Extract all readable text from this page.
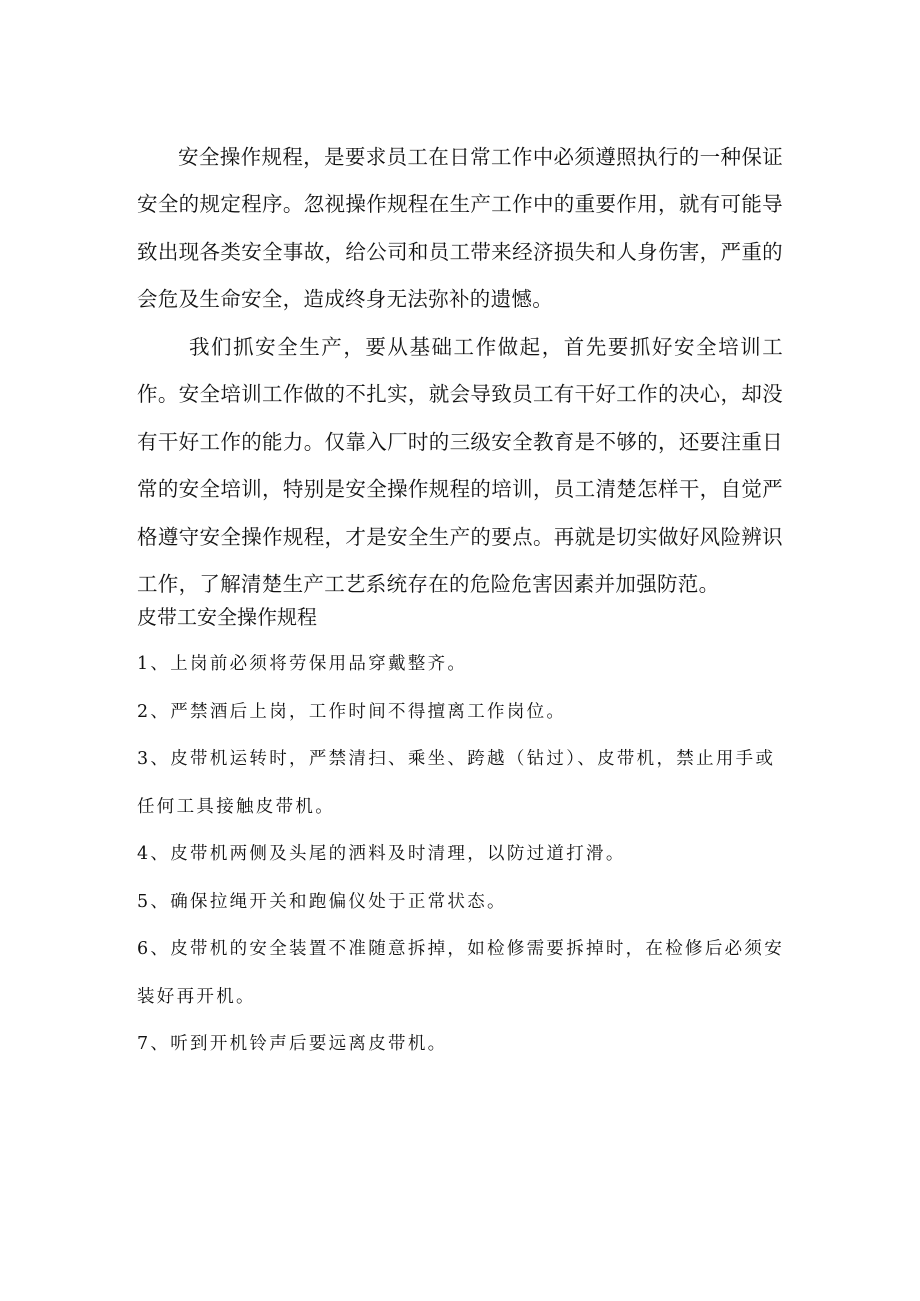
安全操作规程，是要求员工在日常工作中必须遵照执行的一种保证安全的规定程序。忽视操作规程在生产工作中的重要作用，就有可能导致出现各类安全事故，给公司和员工带来经济损失和人身伤害，严重的会危及生命安全，造成终身无法弥补的遗憾。

我们抓安全生产，要从基础工作做起，首先要抓好安全培训工作。安全培训工作做的不扎实，就会导致员工有干好工作的决心，却没有干好工作的能力。仅靠入厂时的三级安全教育是不够的，还要注重日常的安全培训，特别是安全操作规程的培训，员工清楚怎样干，自觉严格遵守安全操作规程，才是安全生产的要点。再就是切实做好风险辨识工作，了解清楚生产工艺系统存在的危险危害因素并加强防范。

皮带工安全操作规程
1、上岗前必须将劳保用品穿戴整齐。
2、严禁酒后上岗，工作时间不得擅离工作岗位。
3、皮带机运转时，严禁清扫、乘坐、跨越（钻过）、皮带机，禁止用手或任何工具接触皮带机。
4、皮带机两侧及头尾的洒料及时清理，以防过道打滑。
5、确保拉绳开关和跑偏仪处于正常状态。
6、皮带机的安全装置不准随意拆掉，如检修需要拆掉时，在检修后必须安装好再开机。
7、听到开机铃声后要远离皮带机。
